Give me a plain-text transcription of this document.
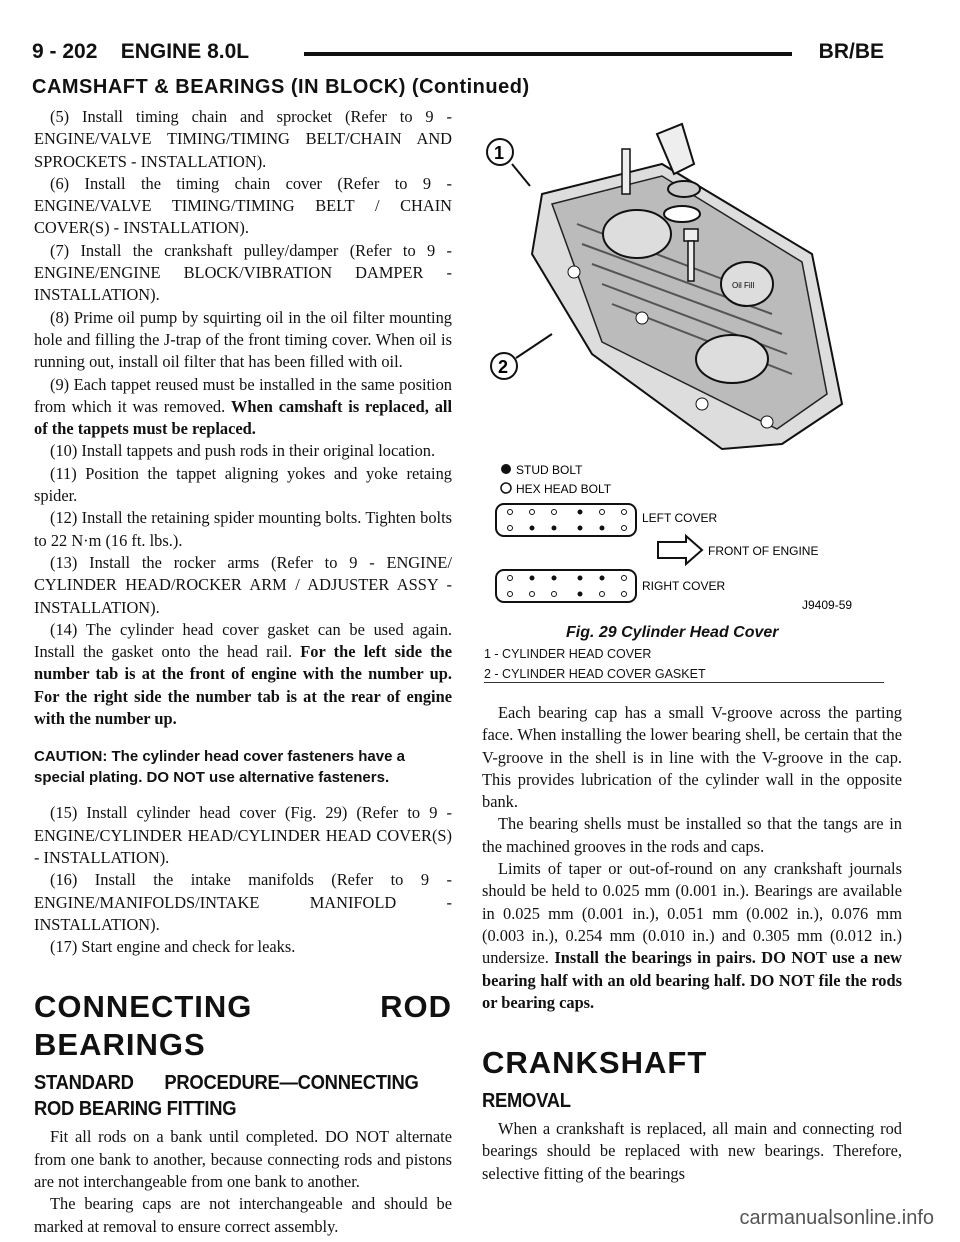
9 - 202    ENGINE 8.0L	BR/BE
CAMSHAFT & BEARINGS (IN BLOCK) (Continued)

(5) Install timing chain and sprocket (Refer to 9 - ENGINE/VALVE TIMING/TIMING BELT/CHAIN AND SPROCKETS - INSTALLATION).

(6) Install the timing chain cover (Refer to 9 - ENGINE/VALVE TIMING/TIMING BELT / CHAIN COVER(S) - INSTALLATION).

(7) Install the crankshaft pulley/damper (Refer to 9 - ENGINE/ENGINE BLOCK/VIBRATION DAMPER - INSTALLATION).

(8) Prime oil pump by squirting oil in the oil filter mounting hole and filling the J-trap of the front timing cover. When oil is running out, install oil filter that has been filled with oil.

(9) Each tappet reused must be installed in the same position from which it was removed. When camshaft is replaced, all of the tappets must be replaced.

(10) Install tappets and push rods in their original location.

(11) Position the tappet aligning yokes and yoke retaing spider.

(12) Install the retaining spider mounting bolts. Tighten bolts to 22 N·m (16 ft. lbs.).

(13) Install the rocker arms (Refer to 9 - ENGINE/ CYLINDER HEAD/ROCKER ARM / ADJUSTER ASSY - INSTALLATION).

(14) The cylinder head cover gasket can be used again. Install the gasket onto the head rail. For the left side the number tab is at the front of engine with the number up. For the right side the number tab is at the rear of engine with the number up.

CAUTION: The cylinder head cover fasteners have a special plating. DO NOT use alternative fasteners.

(15) Install cylinder head cover (Fig. 29) (Refer to 9 - ENGINE/CYLINDER HEAD/CYLINDER HEAD COVER(S) - INSTALLATION).

(16) Install the intake manifolds (Refer to 9 - ENGINE/MANIFOLDS/INTAKE MANIFOLD - INSTALLATION).

(17) Start engine and check for leaks.

CONNECTING ROD BEARINGS
STANDARD PROCEDURE—CONNECTING ROD BEARING FITTING

Fit all rods on a bank until completed. DO NOT alternate from one bank to another, because connecting rods and pistons are not interchangeable from one bank to another.

The bearing caps are not interchangeable and should be marked at removal to ensure correct assembly.

1
Oil Fill
2
STUD BOLT
HEX HEAD BOLT
LEFT COVER
FRONT OF ENGINE
RIGHT COVER
J9409-59
Fig. 29 Cylinder Head Cover
1 - CYLINDER HEAD COVER
2 - CYLINDER HEAD COVER GASKET

Each bearing cap has a small V-groove across the parting face. When installing the lower bearing shell, be certain that the V-groove in the shell is in line with the V-groove in the cap. This provides lubrication of the cylinder wall in the opposite bank.

The bearing shells must be installed so that the tangs are in the machined grooves in the rods and caps.

Limits of taper or out-of-round on any crankshaft journals should be held to 0.025 mm (0.001 in.). Bearings are available in 0.025 mm (0.001 in.), 0.051 mm (0.002 in.), 0.076 mm (0.003 in.), 0.254 mm (0.010 in.) and 0.305 mm (0.012 in.) undersize. Install the bearings in pairs. DO NOT use a new bearing half with an old bearing half. DO NOT file the rods or bearing caps.

CRANKSHAFT
REMOVAL

When a crankshaft is replaced, all main and connecting rod bearings should be replaced with new bearings. Therefore, selective fitting of the bearings

carmanualsonline.info
